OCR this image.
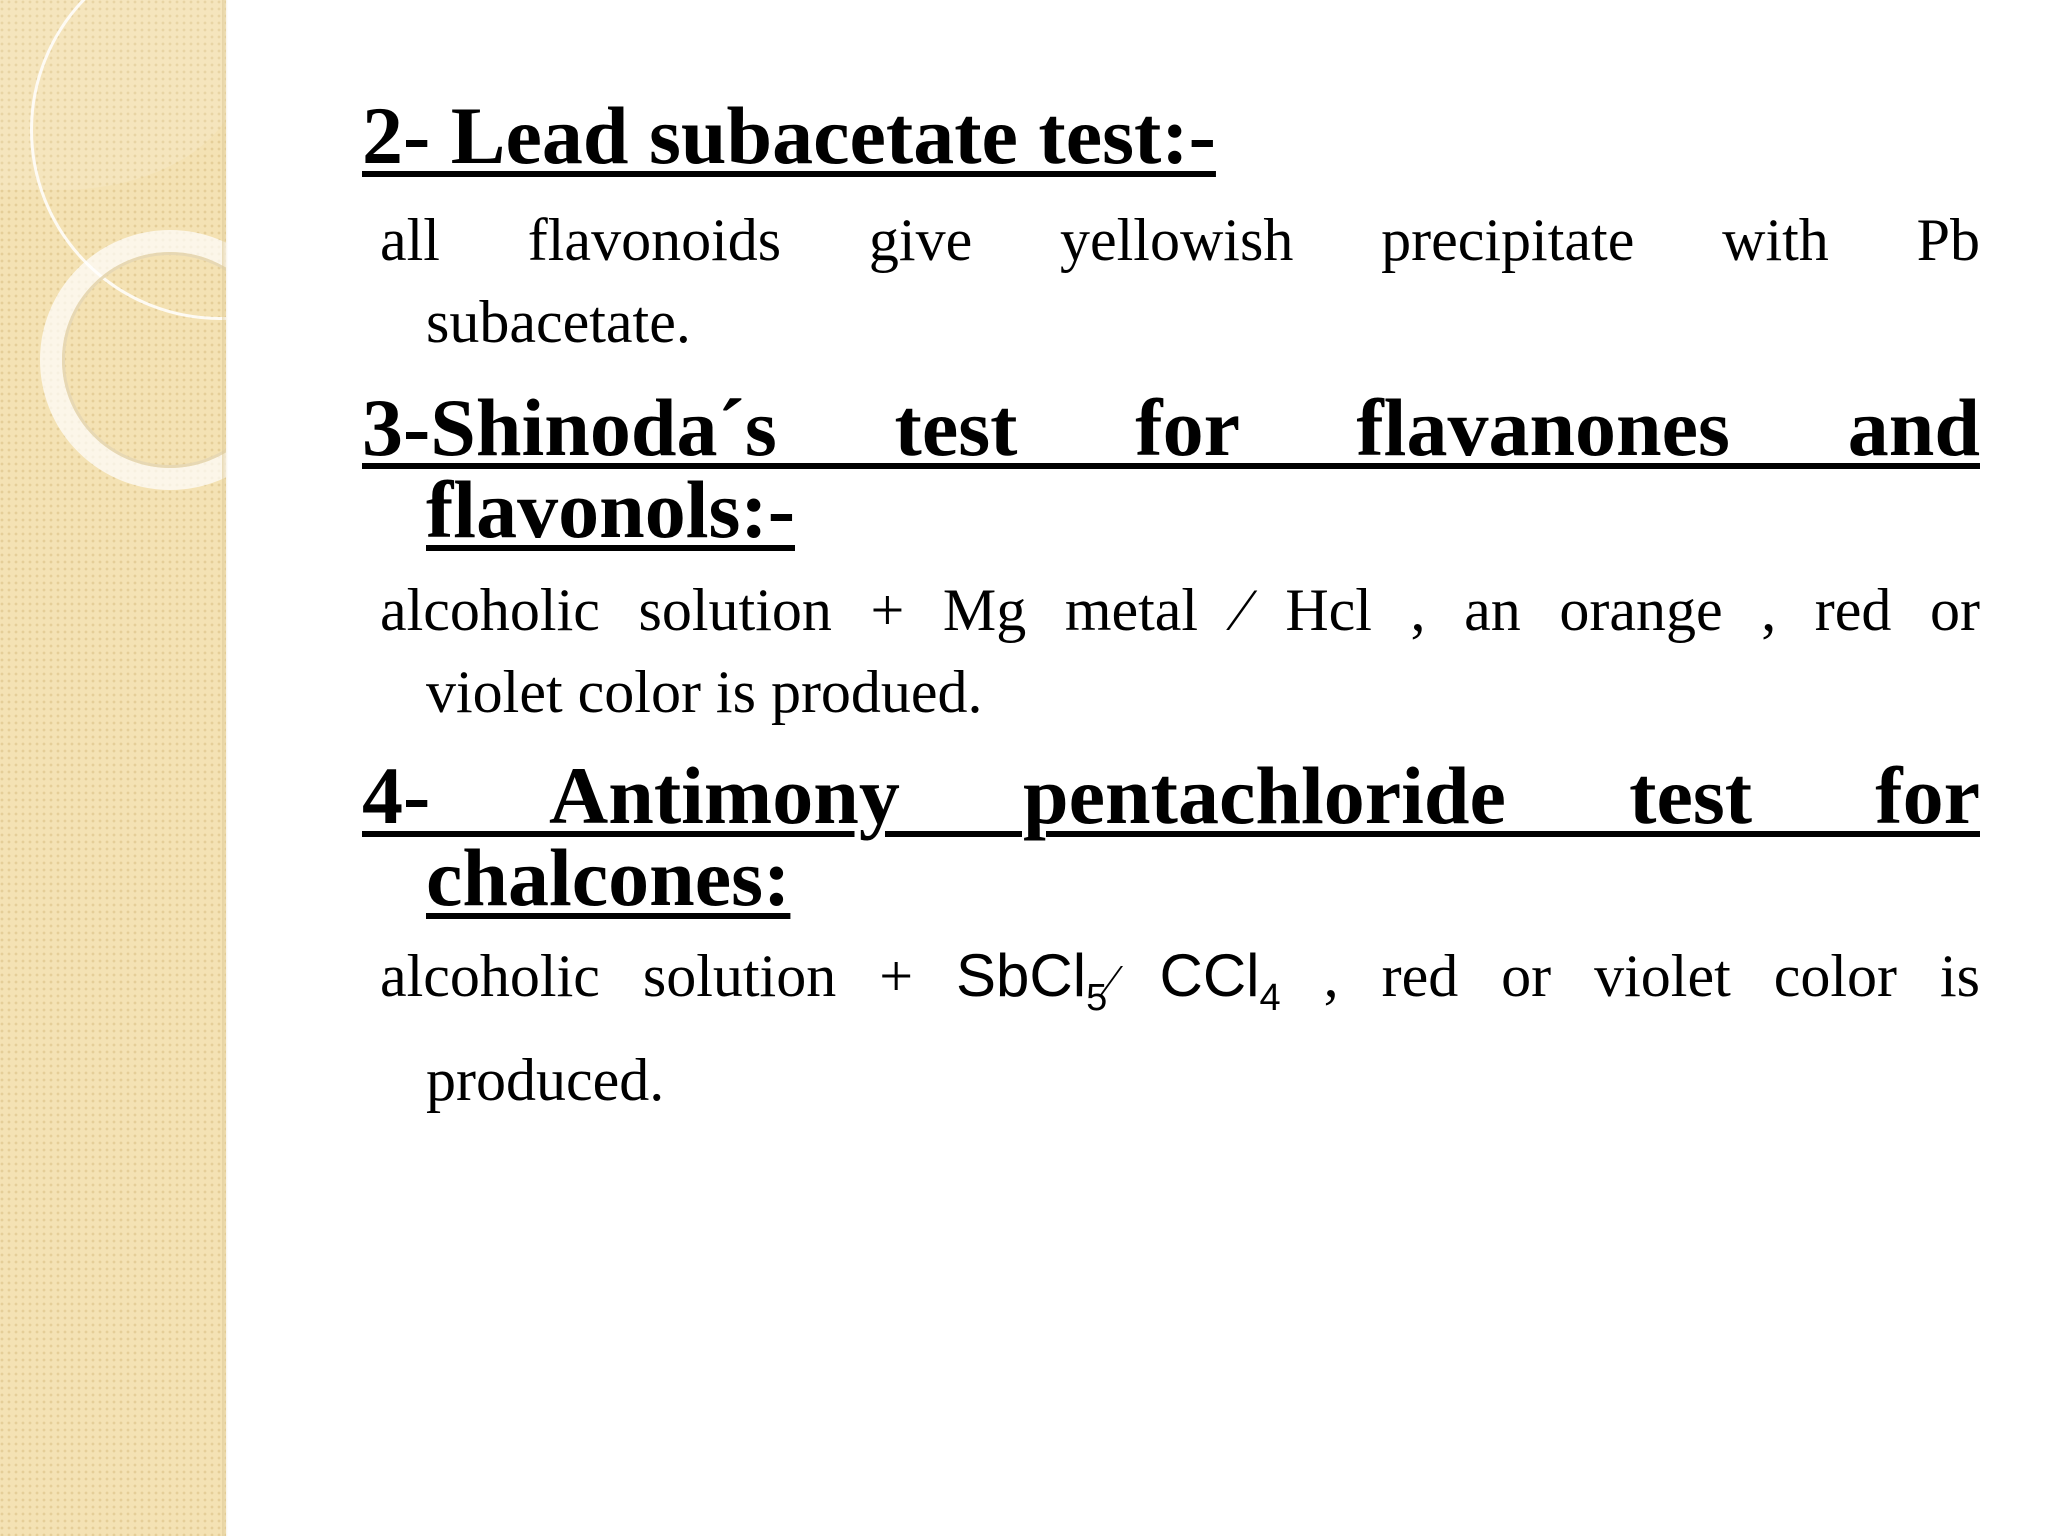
2- Lead subacetate test:-

all flavonoids give yellowish precipitate with Pb
subacetate.

3-Shinoda´s test for flavanones and
flavonols:-

alcoholic solution + Mg metal ⁄ Hcl , an orange , red or
violet color is produed.

4- Antimony pentachloride test for
chalcones:

alcoholic solution + SbCl$_5$⁄ CCl$_4$ , red or violet color is
produced.
